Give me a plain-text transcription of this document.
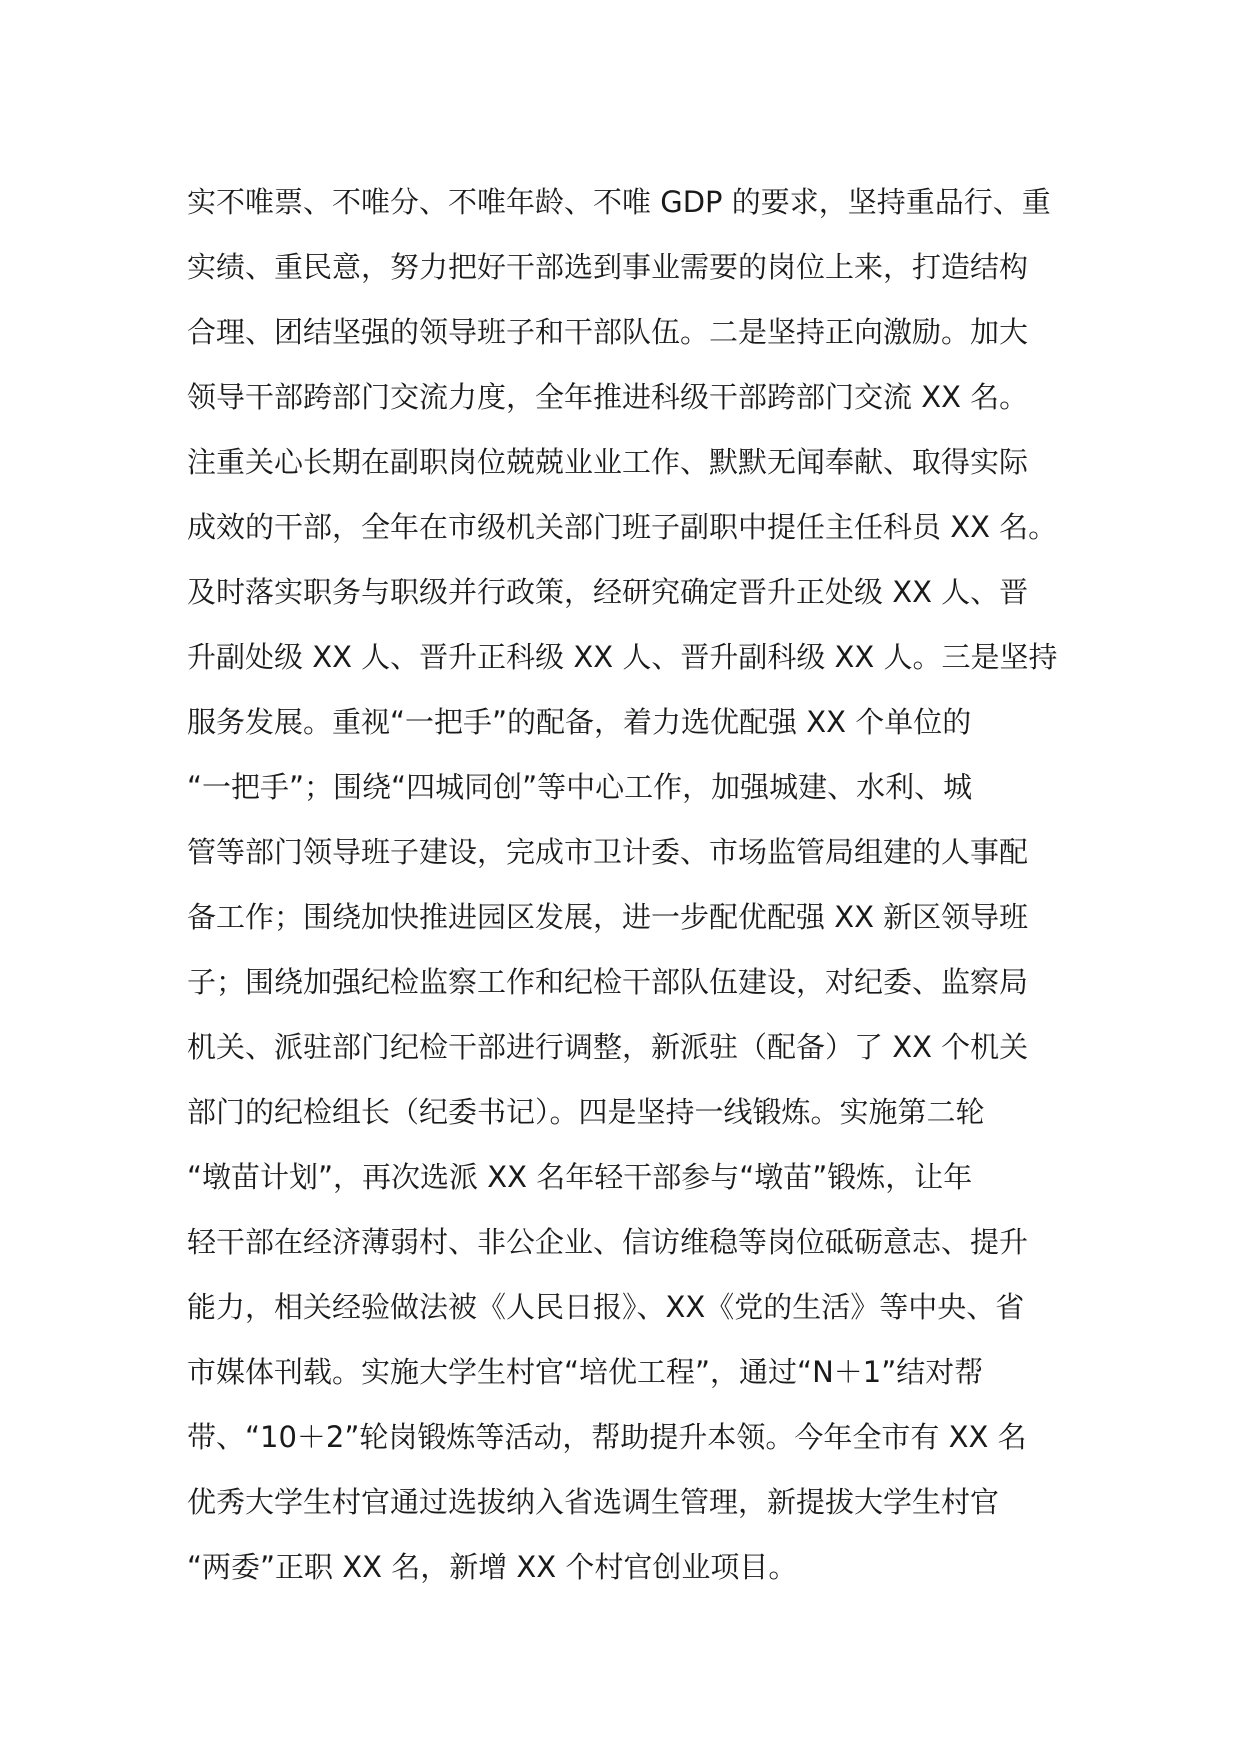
实不唯票、不唯分、不唯年龄、不唯 GDP 的要求，坚持重品行、重
实绩、重民意，努力把好干部选到事业需要的岗位上来，打造结构
合理、团结坚强的领导班子和干部队伍。二是坚持正向激励。加大
领导干部跨部门交流力度，全年推进科级干部跨部门交流 XX 名。
注重关心长期在副职岗位兢兢业业工作、默默无闻奉献、取得实际
成效的干部，全年在市级机关部门班子副职中提任主任科员 XX 名。
及时落实职务与职级并行政策，经研究确定晋升正处级 XX 人、晋
升副处级 XX 人、晋升正科级 XX 人、晋升副科级 XX 人。三是坚持
服务发展。重视“一把手”的配备，着力选优配强 XX 个单位的
“一把手”；围绕“四城同创”等中心工作，加强城建、水利、城
管等部门领导班子建设，完成市卫计委、市场监管局组建的人事配
备工作；围绕加快推进园区发展，进一步配优配强 XX 新区领导班
子；围绕加强纪检监察工作和纪检干部队伍建设，对纪委、监察局
机关、派驻部门纪检干部进行调整，新派驻（配备）了 XX 个机关
部门的纪检组长（纪委书记）。四是坚持一线锻炼。实施第二轮
“墩苗计划”，再次选派 XX 名年轻干部参与“墩苗”锻炼，让年
轻干部在经济薄弱村、非公企业、信访维稳等岗位砥砺意志、提升
能力，相关经验做法被《人民日报》、XX《党的生活》等中央、省
市媒体刊载。实施大学生村官“培优工程”，通过“N＋1”结对帮
带、“10＋2”轮岗锻炼等活动，帮助提升本领。今年全市有 XX 名
优秀大学生村官通过选拔纳入省选调生管理，新提拔大学生村官
“两委”正职 XX 名，新增 XX 个村官创业项目。
